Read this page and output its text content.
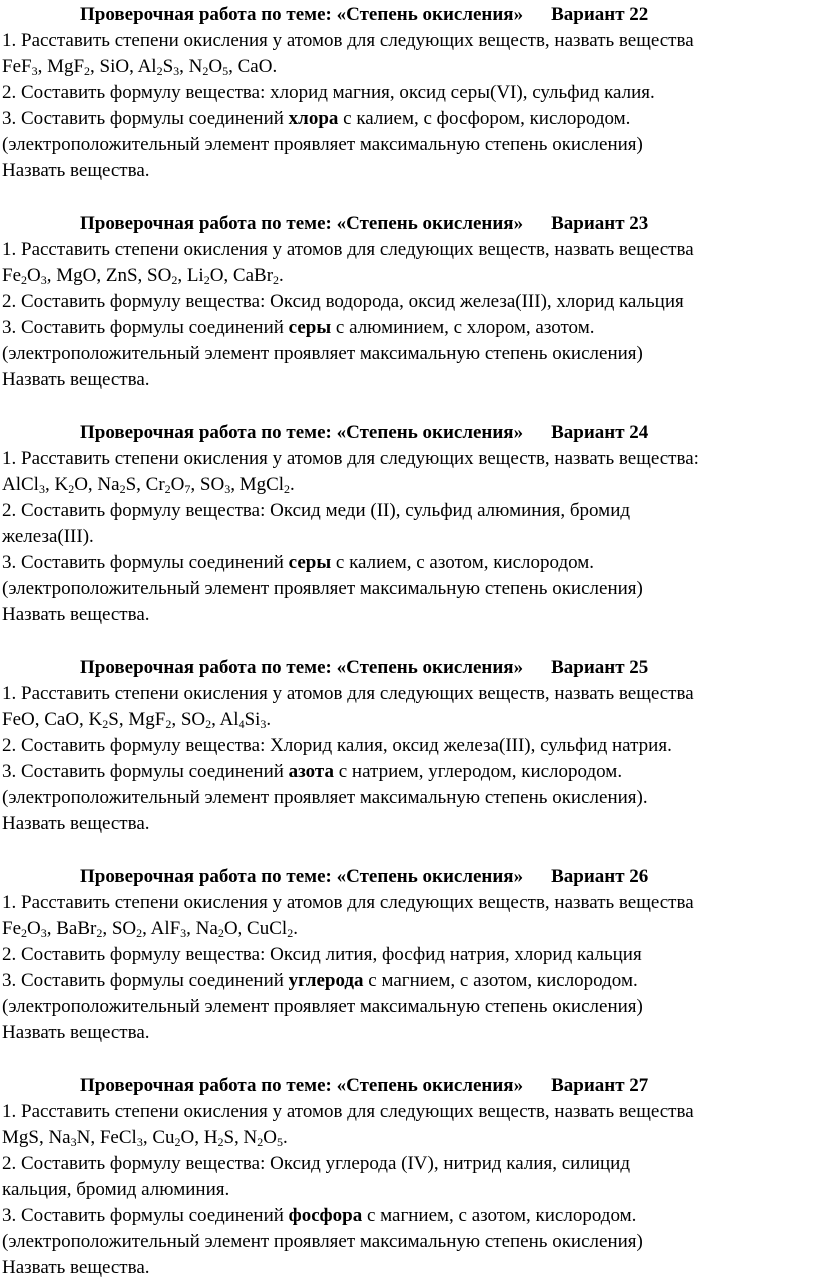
Проверочная работа по теме: «Степень окисления» Вариант 22
1. Расставить степени окисления у атомов для следующих веществ, назвать вещества
FeF$_3$, MgF$_2$, SiO, $Al_2S_3$, $N_2O_5$, CaO.
2. Составить формулу вещества: хлорид магния, оксид серы(VI), сульфид калия.
3. Составить формулы соединений хлора с калием, с фосфором, кислородом.
(электроположительный элемент проявляет максимальную степень окисления)
Назвать вещества.
Проверочная работа по теме: «Степень окисления» Вариант 23
1. Расставить степени окисления у атомов для следующих веществ, назвать вещества
$Fe_2O_3$, MgO, ZnS, $SO_2$, $Li_2O$, CaBr$_2$.
2. Составить формулу вещества: Оксид водорода, оксид железа(III), хлорид кальция
3. Составить формулы соединений серы с алюминием, с хлором, азотом.
(электроположительный элемент проявляет максимальную степень окисления)
Назвать вещества.
Проверочная работа по теме: «Степень окисления» Вариант 24
1. Расставить степени окисления у атомов для следующих веществ, назвать вещества:
AlCl$_3$, $K_2O$, $Na_2S$, $Cr_2O_7$, $SO_3$, MgCl$_2$.
2. Составить формулу вещества: Оксид меди (II), сульфид алюминия, бромид
железа(III).
3. Составить формулы соединений серы с калием, с азотом, кислородом.
(электроположительный элемент проявляет максимальную степень окисления)
Назвать вещества.
Проверочная работа по теме: «Степень окисления» Вариант 25
1. Расставить степени окисления у атомов для следующих веществ, назвать вещества
FeO, CaO, $K_2S$, MgF$_2$, $SO_2$, $Al_4Si_3$.
2. Составить формулу вещества: Хлорид калия, оксид железа(III), сульфид натрия.
3. Составить формулы соединений азота с натрием, углеродом, кислородом.
(электроположительный элемент проявляет максимальную степень окисления).
Назвать вещества.
Проверочная работа по теме: «Степень окисления» Вариант 26
1. Расставить степени окисления у атомов для следующих веществ, назвать вещества
$Fe_2O_3$, BaBr$_2$, $SO_2$, AlF$_3$, $Na_2O$, CuCl$_2$.
2. Составить формулу вещества: Оксид лития, фосфид натрия, хлорид кальция
3. Составить формулы соединений углерода с магнием, с азотом, кислородом.
(электроположительный элемент проявляет максимальную степень окисления)
Назвать вещества.
Проверочная работа по теме: «Степень окисления» Вариант 27
1. Расставить степени окисления у атомов для следующих веществ, назвать вещества
MgS, $Na_3N$, FeCl$_3$, $Cu_2O$, $H_2S$, $N_2O_5$.
2. Составить формулу вещества: Оксид углерода (IV), нитрид калия, силицид
кальция, бромид алюминия.
3. Составить формулы соединений фосфора с магнием, с азотом, кислородом.
(электроположительный элемент проявляет максимальную степень окисления)
Назвать вещества.
